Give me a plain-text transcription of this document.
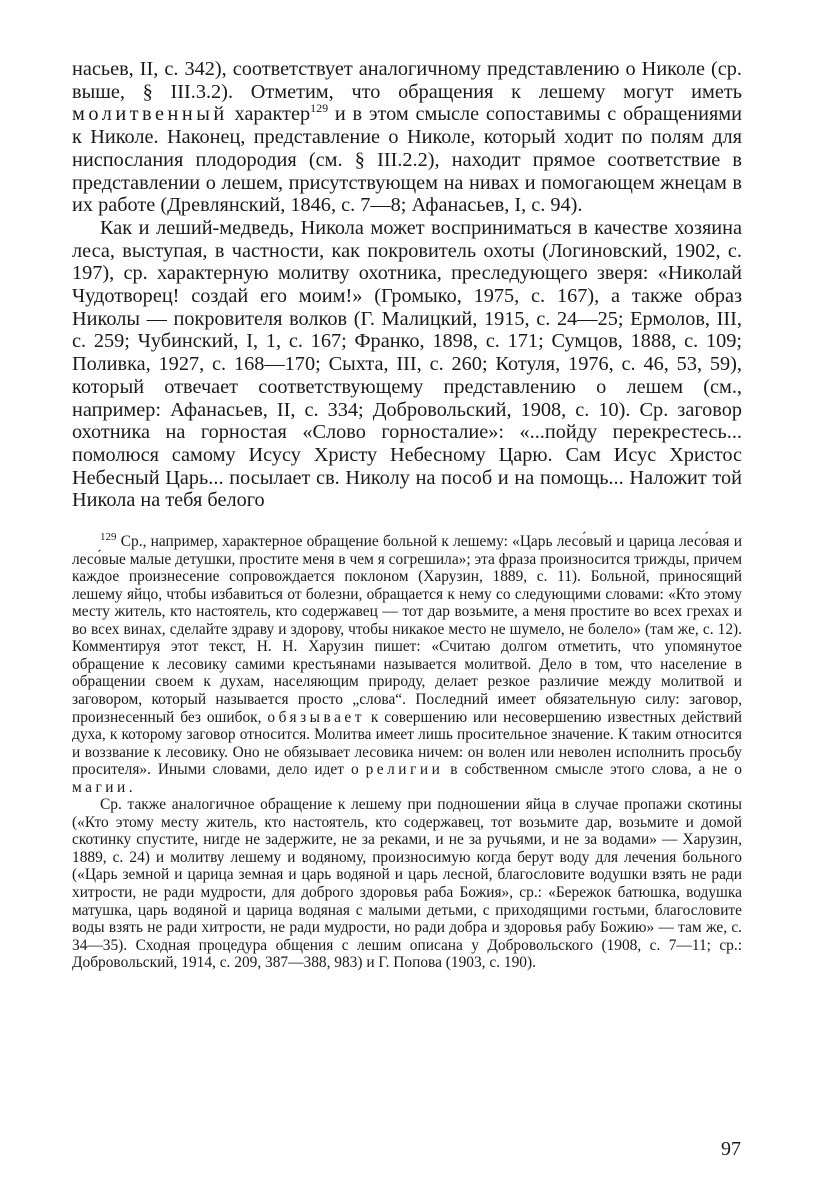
насьев, II, с. 342), соответствует аналогичному представлению о Николе (ср. выше, § III.3.2). Отметим, что обращения к лешему могут иметь молитвенный характер$^{129}$ и в этом смысле сопоставимы с обращениями к Николе. Наконец, представление о Николе, который ходит по полям для ниспослания плодородия (см. § III.2.2), находит прямое соответствие в представлении о лешем, присутствующем на нивах и помогающем жнецам в их работе (Древлянский, 1846, с. 7—8; Афанасьев, I, с. 94).

Как и леший-медведь, Никола может восприниматься в качестве хозяина леса, выступая, в частности, как покровитель охоты (Логиновский, 1902, с. 197), ср. характерную молитву охотника, преследующего зверя: «Николай Чудотворец! создай его моим!» (Громыко, 1975, с. 167), а также образ Николы — покровителя волков (Г. Малицкий, 1915, с. 24—25; Ермолов, III, с. 259; Чубинский, I, 1, с. 167; Франко, 1898, с. 171; Сумцов, 1888, с. 109; Поливка, 1927, с. 168—170; Сыхта, III, с. 260; Котуля, 1976, с. 46, 53, 59), который отвечает соответствующему представлению о лешем (см., например: Афанасьев, II, с. 334; Добровольский, 1908, с. 10). Ср. заговор охотника на горностая «Слово горносталие»: «...пойду перекрестесь... помолюся самому Исусу Христу Небесному Царю. Сам Исус Христос Небесный Царь... посылает св. Николу на пособ и на помощь... Наложит той Никола на тебя белого

$^{129}$ Ср., например, характерное обращение больной к лешему: «Царь лесо́вый и царица лесо́вая и лесо́вые малые детушки, простите меня в чем я согрешила»; эта фраза произносится трижды, причем каждое произнесение сопровождается поклоном (Харузин, 1889, с. 11). Больной, приносящий лешему яйцо, чтобы избавиться от болезни, обращается к нему со следующими словами: «Кто этому месту житель, кто настоятель, кто содержавец — тот дар возьмите, а меня простите во всех грехах и во всех винах, сделайте здраву и здорову, чтобы никакое место не шумело, не болело» (там же, с. 12). Комментируя этот текст, Н. Н. Харузин пишет: «Считаю долгом отметить, что упомянутое обращение к лесовику самими крестьянами называется молитвой. Дело в том, что население в обращении своем к духам, населяющим природу, делает резкое различие между молитвой и заговором, который называется просто „слова“. Последний имеет обязательную силу: заговор, произнесенный без ошибок, обязывает к совершению или несовершению известных действий духа, к которому заговор относится. Молитва имеет лишь просительное значение. К таким относится и воззвание к лесовику. Оно не обязывает лесовика ничем: он волен или неволен исполнить просьбу просителя». Иными словами, дело идет о религии в собственном смысле этого слова, а не о магии.

Ср. также аналогичное обращение к лешему при подношении яйца в случае пропажи скотины («Кто этому месту житель, кто настоятель, кто содержавец, тот возьмите дар, возьмите и домой скотинку спустите, нигде не задержите, не за реками, и не за ручьями, и не за водами» — Харузин, 1889, с. 24) и молитву лешему и водяному, произносимую когда берут воду для лечения больного («Царь земной и царица земная и царь водяной и царь лесной, благословите водушки взять не ради хитрости, не ради мудрости, для доброго здоровья раба Божия», ср.: «Бережок батюшка, водушка матушка, царь водяной и царица водяная с малыми детьми, с приходящими гостьми, благословите воды взять не ради хитрости, не ради мудрости, но ради добра и здоровья рабу Божию» — там же, с. 34—35). Сходная процедура общения с лешим описана у Добровольского (1908, с. 7—11; ср.: Добровольский, 1914, с. 209, 387—388, 983) и Г. Попова (1903, с. 190).

97
